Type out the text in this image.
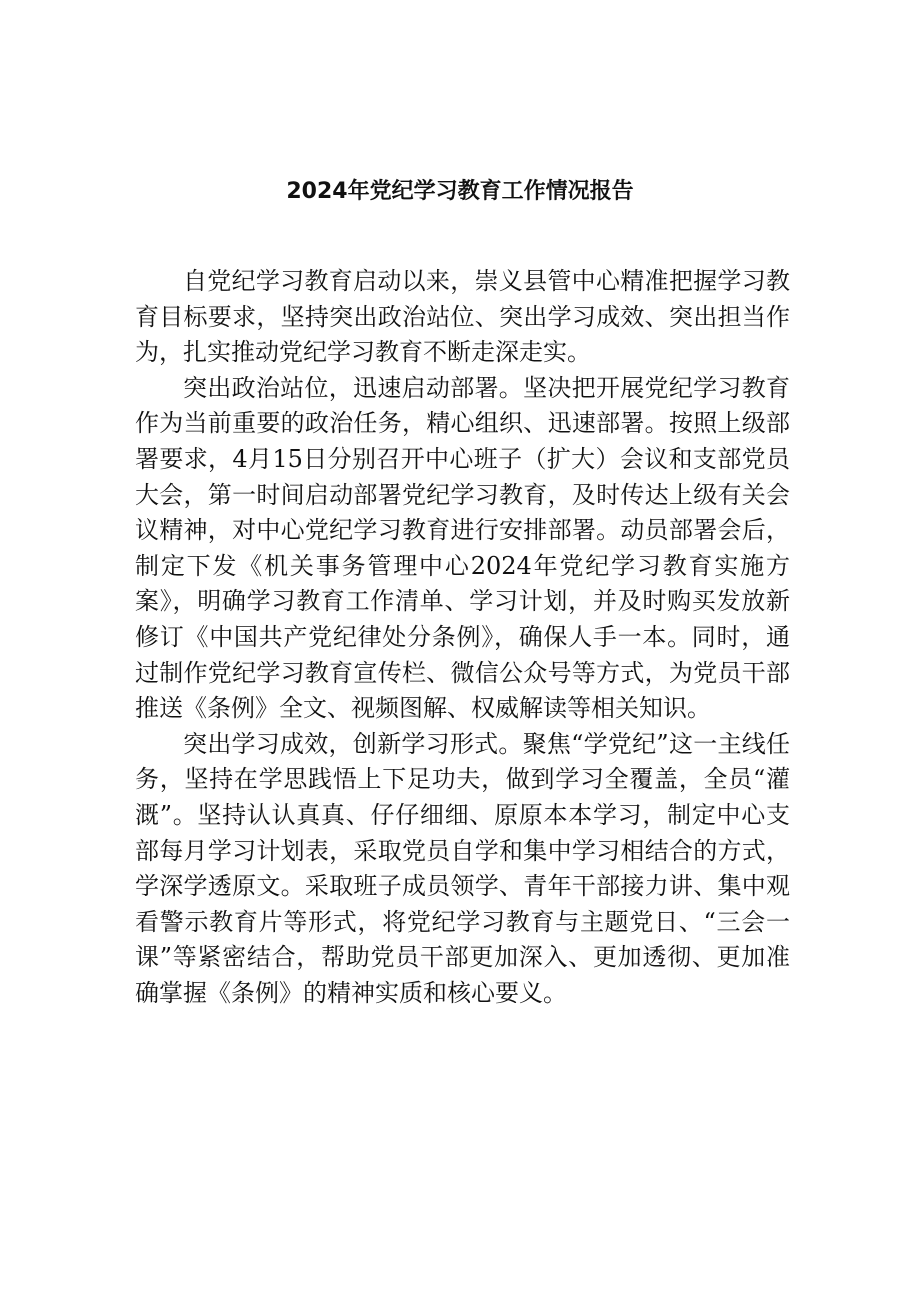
2024年党纪学习教育工作情况报告

自党纪学习教育启动以来，崇义县管中心精准把握学习教育目标要求，坚持突出政治站位、突出学习成效、突出担当作为，扎实推动党纪学习教育不断走深走实。

突出政治站位，迅速启动部署。坚决把开展党纪学习教育作为当前重要的政治任务，精心组织、迅速部署。按照上级部署要求，4月15日分别召开中心班子（扩大）会议和支部党员大会，第一时间启动部署党纪学习教育，及时传达上级有关会议精神，对中心党纪学习教育进行安排部署。动员部署会后，制定下发《机关事务管理中心2024年党纪学习教育实施方案》，明确学习教育工作清单、学习计划，并及时购买发放新修订《中国共产党纪律处分条例》，确保人手一本。同时，通过制作党纪学习教育宣传栏、微信公众号等方式，为党员干部推送《条例》全文、视频图解、权威解读等相关知识。

突出学习成效，创新学习形式。聚焦“学党纪”这一主线任务，坚持在学思践悟上下足功夫，做到学习全覆盖，全员“灌溉”。坚持认认真真、仔仔细细、原原本本学习，制定中心支部每月学习计划表，采取党员自学和集中学习相结合的方式，学深学透原文。采取班子成员领学、青年干部接力讲、集中观看警示教育片等形式，将党纪学习教育与主题党日、“三会一课”等紧密结合，帮助党员干部更加深入、更加透彻、更加准确掌握《条例》的精神实质和核心要义。
